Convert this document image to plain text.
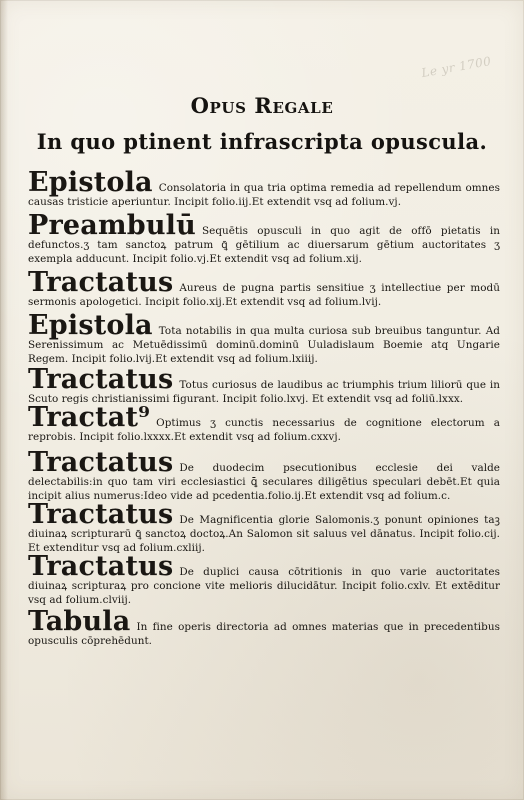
Le yr 1700
Opus Regale
In quo ptinent infrascripta opuscula.
Epistola Consolatoria in qua tria optima remedia ad repellendum omnes causas tristicie aperiuntur. Incipit folio.iij.Et extendit vsq ad folium.vj.
Preambulū Sequētis opusculi in quo agit de offō pietatis in defunctos.ʒ tam sanctoꝝ patrum ꝗ̄ gētilium ac diuersarum gētium auctoritates ʒ exempla adducunt. Incipit folio.vj.Et extendit vsq ad folium.xij.
Tractatus Aureus de pugna partis sensitiue ʒ intellectiue per modū sermonis apologetici. Incipit folio.xij.Et extendit vsq ad folium.lvij.
Epistola Tota notabilis in qua multa curiosa sub breuibus tanguntur. Ad Serenissimum ac Metuēdissimū dominū.dominū Uuladislaum Boemie atq Ungarie Regem. Incipit folio.lvij.Et extendit vsq ad folium.lxiiij.
Tractatus Totus curiosus de laudibus ac triumphis trium liliorū que in Scuto regis christianissimi figurant. Incipit folio.lxvj. Et extendit vsq ad foliū.lxxx.
Tractat⁹ Optimus ʒ cunctis necessarius de cognitione electorum a reprobis. Incipit folio.lxxxx.Et extendit vsq ad folium.cxxvj.
Tractatus De duodecim psecutionibus ecclesie dei valde delectabilis:in quo tam viri ecclesiastici ꝗ̄ seculares diligētius speculari debēt.Et quia incipit alius numerus:Ideo vide ad pcedentia.folio.ij.Et extendit vsq ad folium.c.
Tractatus De Magnificentia glorie Salomonis.ʒ ponunt opiniones taꝫ diuinaꝝ scripturarū ꝗ̄ sanctoꝝ doctoꝝ.An Salomon sit saluus vel dānatus. Incipit folio.cij. Et extenditur vsq ad folium.cxliij.
Tractatus De duplici causa cōtritionis in quo varie auctoritates diuinaꝝ scripturaꝝ pro concione vite melioris dilucidātur. Incipit folio.cxlv. Et extēditur vsq ad folium.clviij.
Tabula In fine operis directoria ad omnes materias que in precedentibus opusculis cōprehēdunt.
